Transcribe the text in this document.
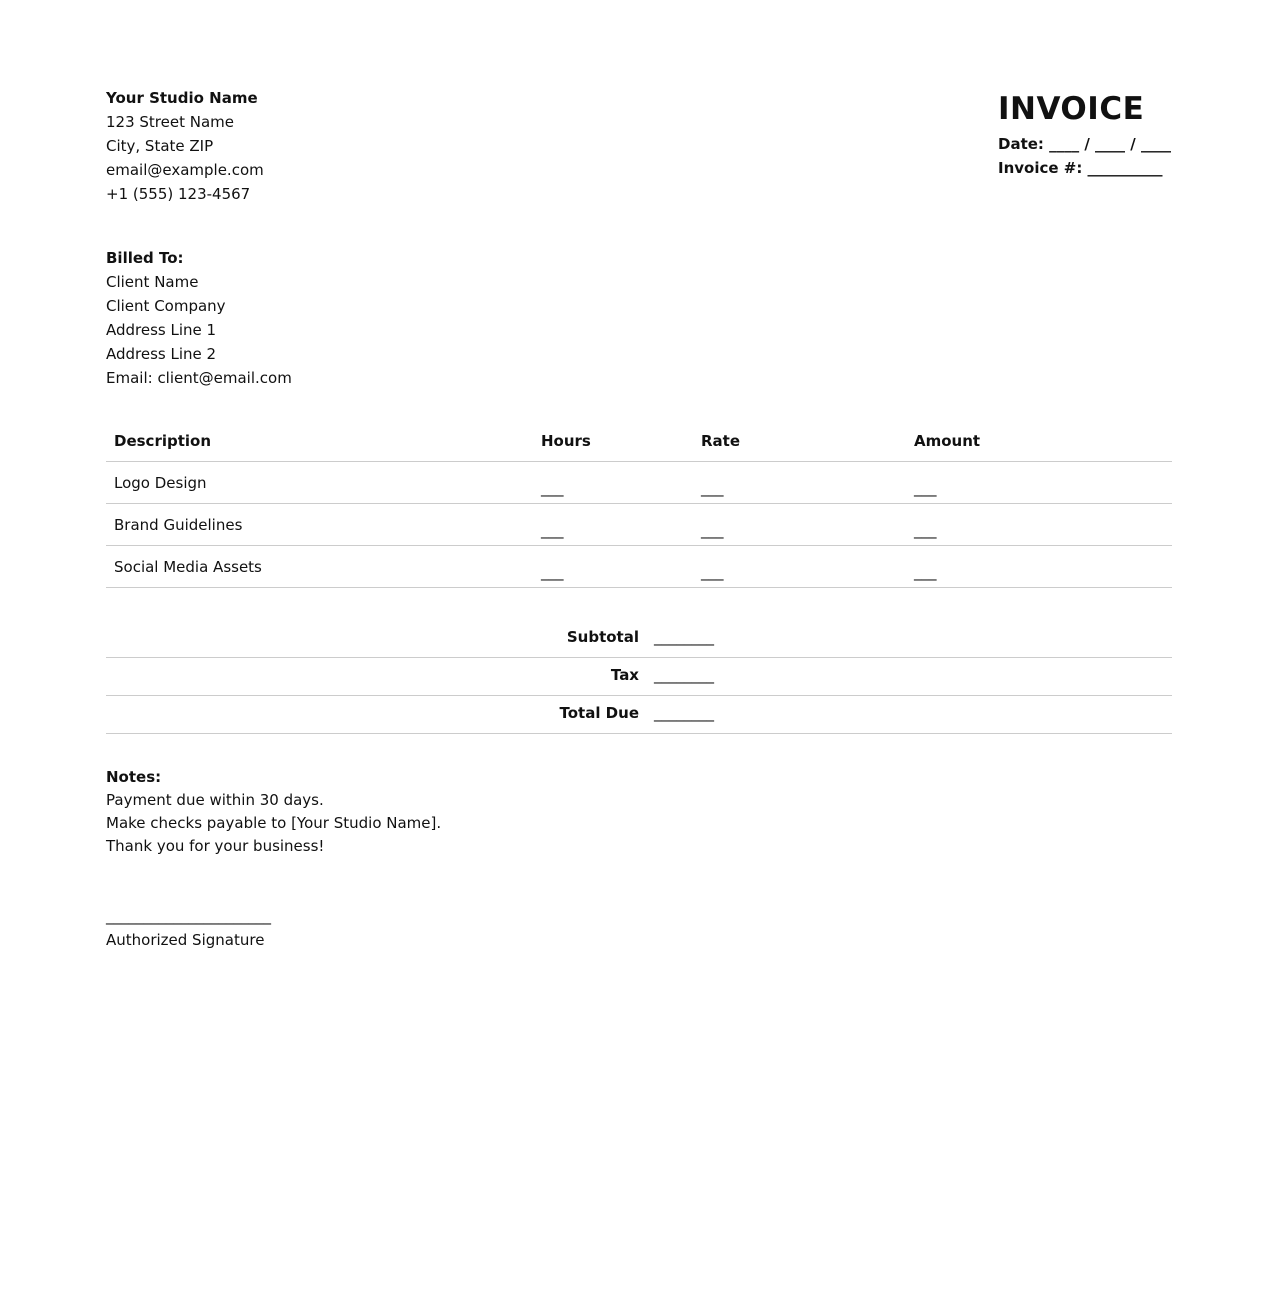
Your Studio Name
123 Street Name
City, State ZIP
email@example.com
+1 (555) 123-4567
INVOICE
Date: ____ / ____ / ____
Invoice #: __________
Billed To:
Client Name
Client Company
Address Line 1
Address Line 2
Email: client@email.com
Description	Hours	Rate	Amount
Logo Design	___	___	___
Brand Guidelines	___	___	___
Social Media Assets	___	___	___
Subtotal ________
Tax ________
Total Due ________
Notes:
Payment due within 30 days.
Make checks payable to [Your Studio Name].
Thank you for your business!
______________________
Authorized Signature
